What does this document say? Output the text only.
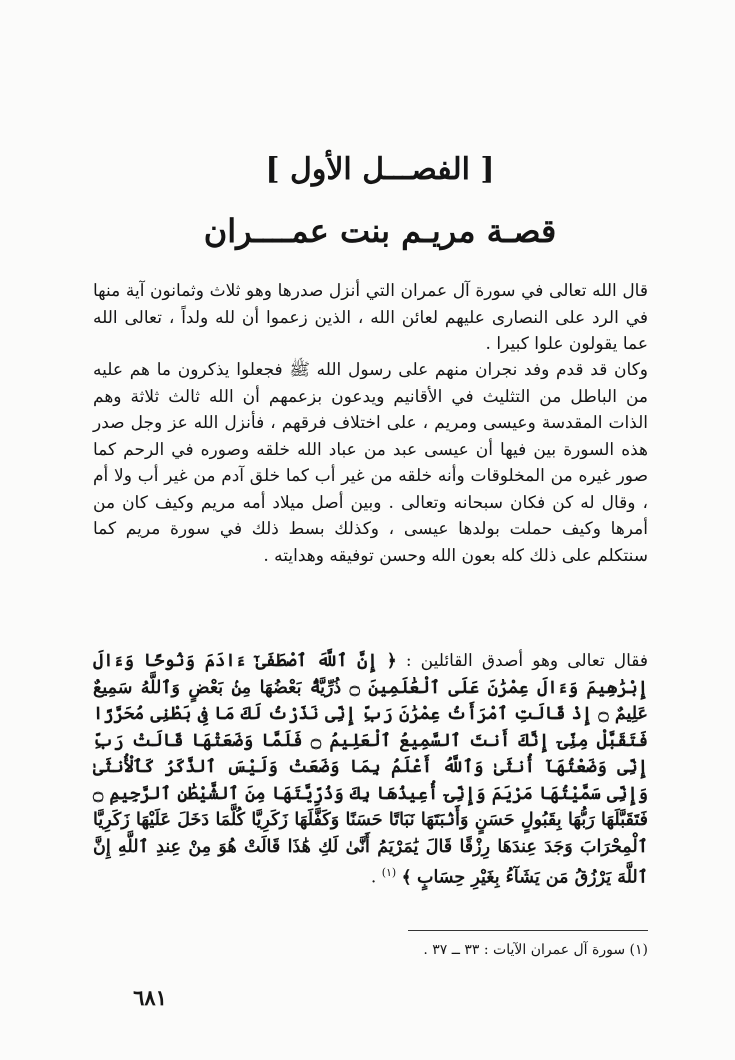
[ الفصـــل الأول ]
قصـة مريـم بنت عمــــران

قال الله تعالى في سورة آل عمران التي أنزل صدرها وهو ثلاث وثمانون آية منها في الرد على النصارى عليهم لعائن الله ، الذين زعموا أن لله ولداً ، تعالى الله عما يقولون علوا كبيرا .

وكان قد قدم وفد نجران منهم على رسول الله ﷺ فجعلوا يذكرون ما هم عليه من الباطل من التثليث في الأقانيم ويدعون بزعمهم أن الله ثالث ثلاثة وهم الذات المقدسة وعيسى ومريم ، على اختلاف فرقهم ، فأنزل الله عز وجل صدر هذه السورة بين فيها أن عيسى عبد من عباد الله خلقه وصوره في الرحم كما صور غيره من المخلوقات وأنه خلقه من غير أب كما خلق آدم من غير أب ولا أم ، وقال له كن فكان سبحانه وتعالى . وبين أصل ميلاد أمه مريم وكيف كان من أمرها وكيف حملت بولدها عيسى ، وكذلك بسط ذلك في سورة مريم كما سنتكلم على ذلك كله بعون الله وحسن توفيقه وهدايته .

فقال تعالى وهو أصدق القائلين : ﴿ إِنَّ ٱللَّهَ ٱصْطَفَىٰٓ ءَادَمَ وَنُوحًا وَءَالَ إِبْرَٰهِيمَ وَءَالَ عِمْرَٰنَ عَلَى ٱلْعَٰلَمِينَ ۝ ذُرِّيَّةًۢ بَعْضُهَا مِنۢ بَعْضٍ وَٱللَّهُ سَمِيعٌ عَلِيمٌ ۝ إِذْ قَالَتِ ٱمْرَأَتُ عِمْرَٰنَ رَبِّ إِنِّى نَذَرْتُ لَكَ مَا فِى بَطْنِى مُحَرَّرًا فَتَقَبَّلْ مِنِّىٓ إِنَّكَ أَنتَ ٱلسَّمِيعُ ٱلْعَلِيمُ ۝ فَلَمَّا وَضَعَتْهَا قَالَتْ رَبِّ إِنِّى وَضَعْتُهَآ أُنثَىٰ وَٱللَّهُ أَعْلَمُ بِمَا وَضَعَتْ وَلَيْسَ ٱلذَّكَرُ كَٱلْأُنثَىٰ وَإِنِّى سَمَّيْتُهَا مَرْيَمَ وَإِنِّىٓ أُعِيذُهَا بِكَ وَذُرِّيَّتَهَا مِنَ ٱلشَّيْطَٰنِ ٱلرَّجِيمِ ۝ فَتَقَبَّلَهَا رَبُّهَا بِقَبُولٍ حَسَنٍ وَأَنۢبَتَهَا نَبَاتًا حَسَنًا وَكَفَّلَهَا زَكَرِيَّا كُلَّمَا دَخَلَ عَلَيْهَا زَكَرِيَّا ٱلْمِحْرَابَ وَجَدَ عِندَهَا رِزْقًا قَالَ يَٰمَرْيَمُ أَنَّىٰ لَكِ هَٰذَا قَالَتْ هُوَ مِنْ عِندِ ٱللَّهِ إِنَّ ٱللَّهَ يَرْزُقُ مَن يَشَآءُ بِغَيْرِ حِسَابٍ ﴾ $^{(١)}$ .

(١) سورة آل عمران الآيات : ٣٣ ــ ٣٧ .
٦٨١
